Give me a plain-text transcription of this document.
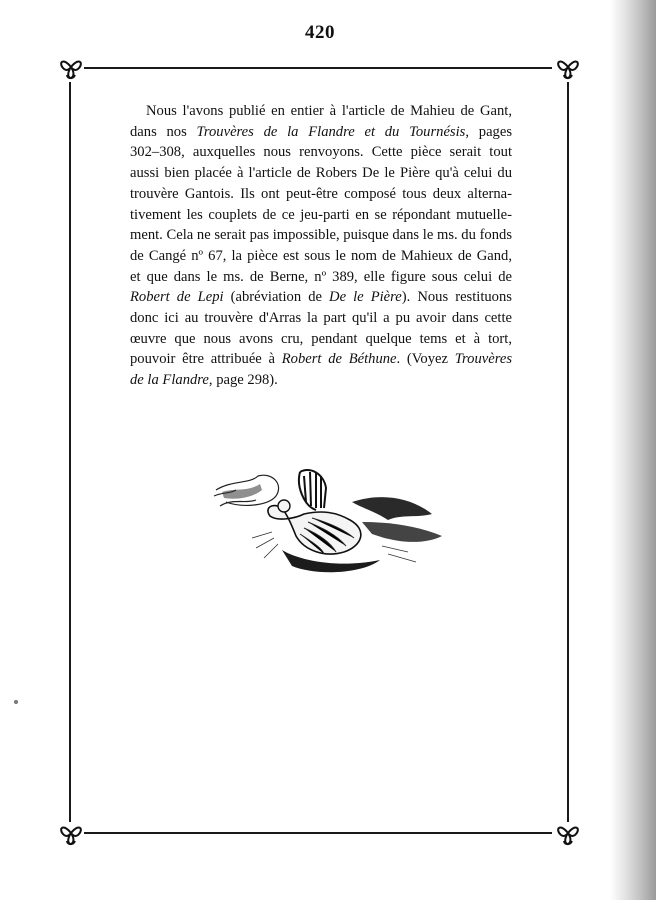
420
Nous l'avons publié en entier à l'article de Mahieu de Gant,
dans nos Trouvères de la Flandre et du Tournésis, pages
302–308, auxquelles nous renvoyons. Cette pièce serait tout
aussi bien placée à l'article de Robers De le Pière qu'à celui du
trouvère Gantois. Ils ont peut-être composé tous deux alterna-
tivement les couplets de ce jeu-parti en se répondant mutuelle-
ment. Cela ne serait pas impossible, puisque dans le ms. du fonds
de Cangé nº 67, la pièce est sous le nom de Mahieux de Gand,
et que dans le ms. de Berne, nº 389, elle figure sous celui de
Robert de Lepi (abréviation de De le Pière). Nous restituons
donc ici au trouvère d'Arras la part qu'il a pu avoir dans cette
œuvre que nous avons cru, pendant quelque tems et à tort,
pouvoir être attribuée à Robert de Béthune. (Voyez Trouvères
de la Flandre, page 298).
